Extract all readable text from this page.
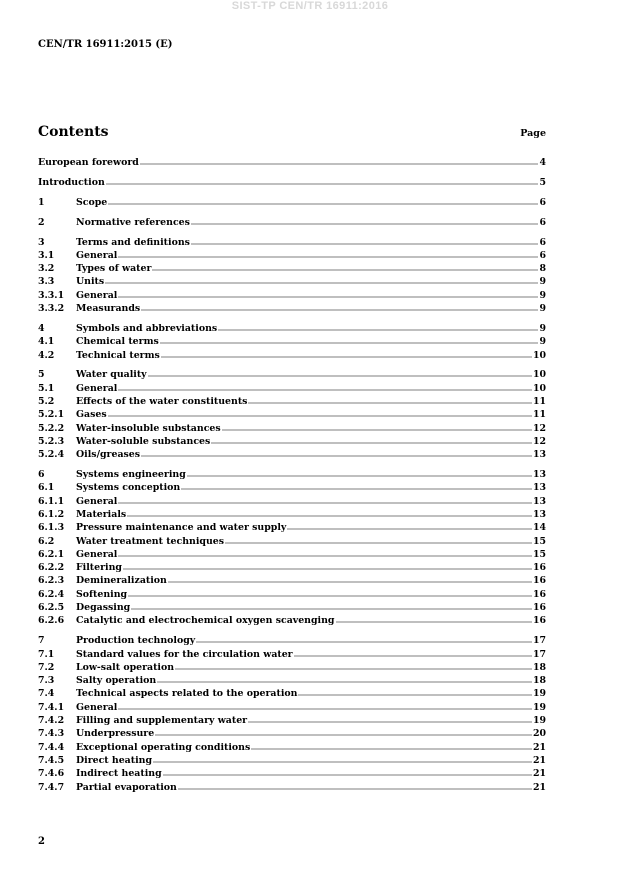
SIST-TP CEN/TR 16911:2016
CEN/TR 16911:2015 (E)
Contents	Page
European foreword	4
Introduction	5
1	Scope	6
2	Normative references	6
3	Terms and definitions	6
3.1	General	6
3.2	Types of water	8
3.3	Units	9
3.3.1	General	9
3.3.2	Measurands	9
4	Symbols and abbreviations	9
4.1	Chemical terms	9
4.2	Technical terms	10
5	Water quality	10
5.1	General	10
5.2	Effects of the water constituents	11
5.2.1	Gases	11
5.2.2	Water-insoluble substances	12
5.2.3	Water-soluble substances	12
5.2.4	Oils/greases	13
6	Systems engineering	13
6.1	Systems conception	13
6.1.1	General	13
6.1.2	Materials	13
6.1.3	Pressure maintenance and water supply	14
6.2	Water treatment techniques	15
6.2.1	General	15
6.2.2	Filtering	16
6.2.3	Demineralization	16
6.2.4	Softening	16
6.2.5	Degassing	16
6.2.6	Catalytic and electrochemical oxygen scavenging	16
7	Production technology	17
7.1	Standard values for the circulation water	17
7.2	Low-salt operation	18
7.3	Salty operation	18
7.4	Technical aspects related to the operation	19
7.4.1	General	19
7.4.2	Filling and supplementary water	19
7.4.3	Underpressure	20
7.4.4	Exceptional operating conditions	21
7.4.5	Direct heating	21
7.4.6	Indirect heating	21
7.4.7	Partial evaporation	21
2
